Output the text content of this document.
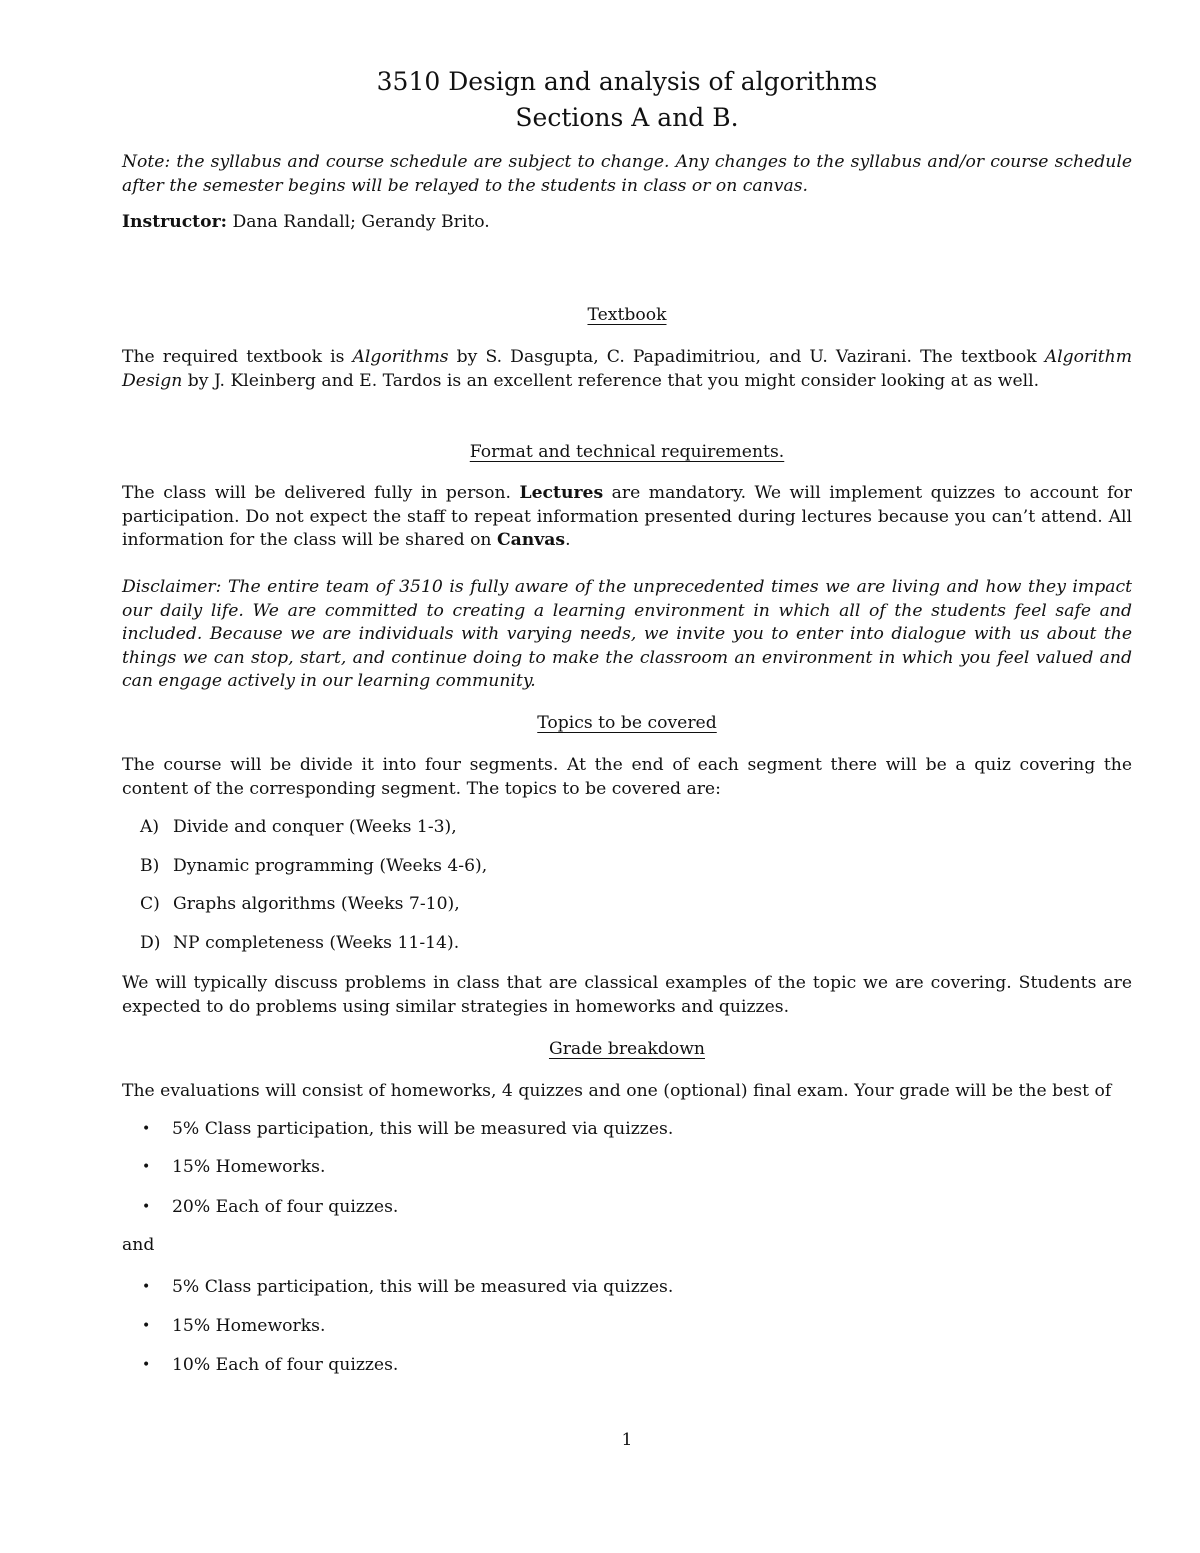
3510 Design and analysis of algorithms

Sections A and B.

Note: the syllabus and course schedule are subject to change. Any changes to the syllabus and/or course schedule after the semester begins will be relayed to the students in class or on canvas.

Instructor: Dana Randall; Gerandy Brito.

Textbook

The required textbook is Algorithms by S. Dasgupta, C. Papadimitriou, and U. Vazirani. The textbook Algorithm Design by J. Kleinberg and E. Tardos is an excellent reference that you might consider looking at as well.

Format and technical requirements.

The class will be delivered fully in person. Lectures are mandatory. We will implement quizzes to account for participation. Do not expect the staff to repeat information presented during lectures because you can’t attend. All information for the class will be shared on Canvas.

Disclaimer: The entire team of 3510 is fully aware of the unprecedented times we are living and how they impact our daily life. We are committed to creating a learning environment in which all of the students feel safe and included. Because we are individuals with varying needs, we invite you to enter into dialogue with us about the things we can stop, start, and continue doing to make the classroom an environment in which you feel valued and can engage actively in our learning community.

Topics to be covered

The course will be divide it into four segments. At the end of each segment there will be a quiz covering the content of the corresponding segment. The topics to be covered are:

A) Divide and conquer (Weeks 1-3),
B) Dynamic programming (Weeks 4-6),
C) Graphs algorithms (Weeks 7-10),
D) NP completeness (Weeks 11-14).

We will typically discuss problems in class that are classical examples of the topic we are covering. Students are expected to do problems using similar strategies in homeworks and quizzes.

Grade breakdown

The evaluations will consist of homeworks, 4 quizzes and one (optional) final exam. Your grade will be the best of

• 5% Class participation, this will be measured via quizzes.
• 15% Homeworks.
• 20% Each of four quizzes.

and

• 5% Class participation, this will be measured via quizzes.
• 15% Homeworks.
• 10% Each of four quizzes.

1
